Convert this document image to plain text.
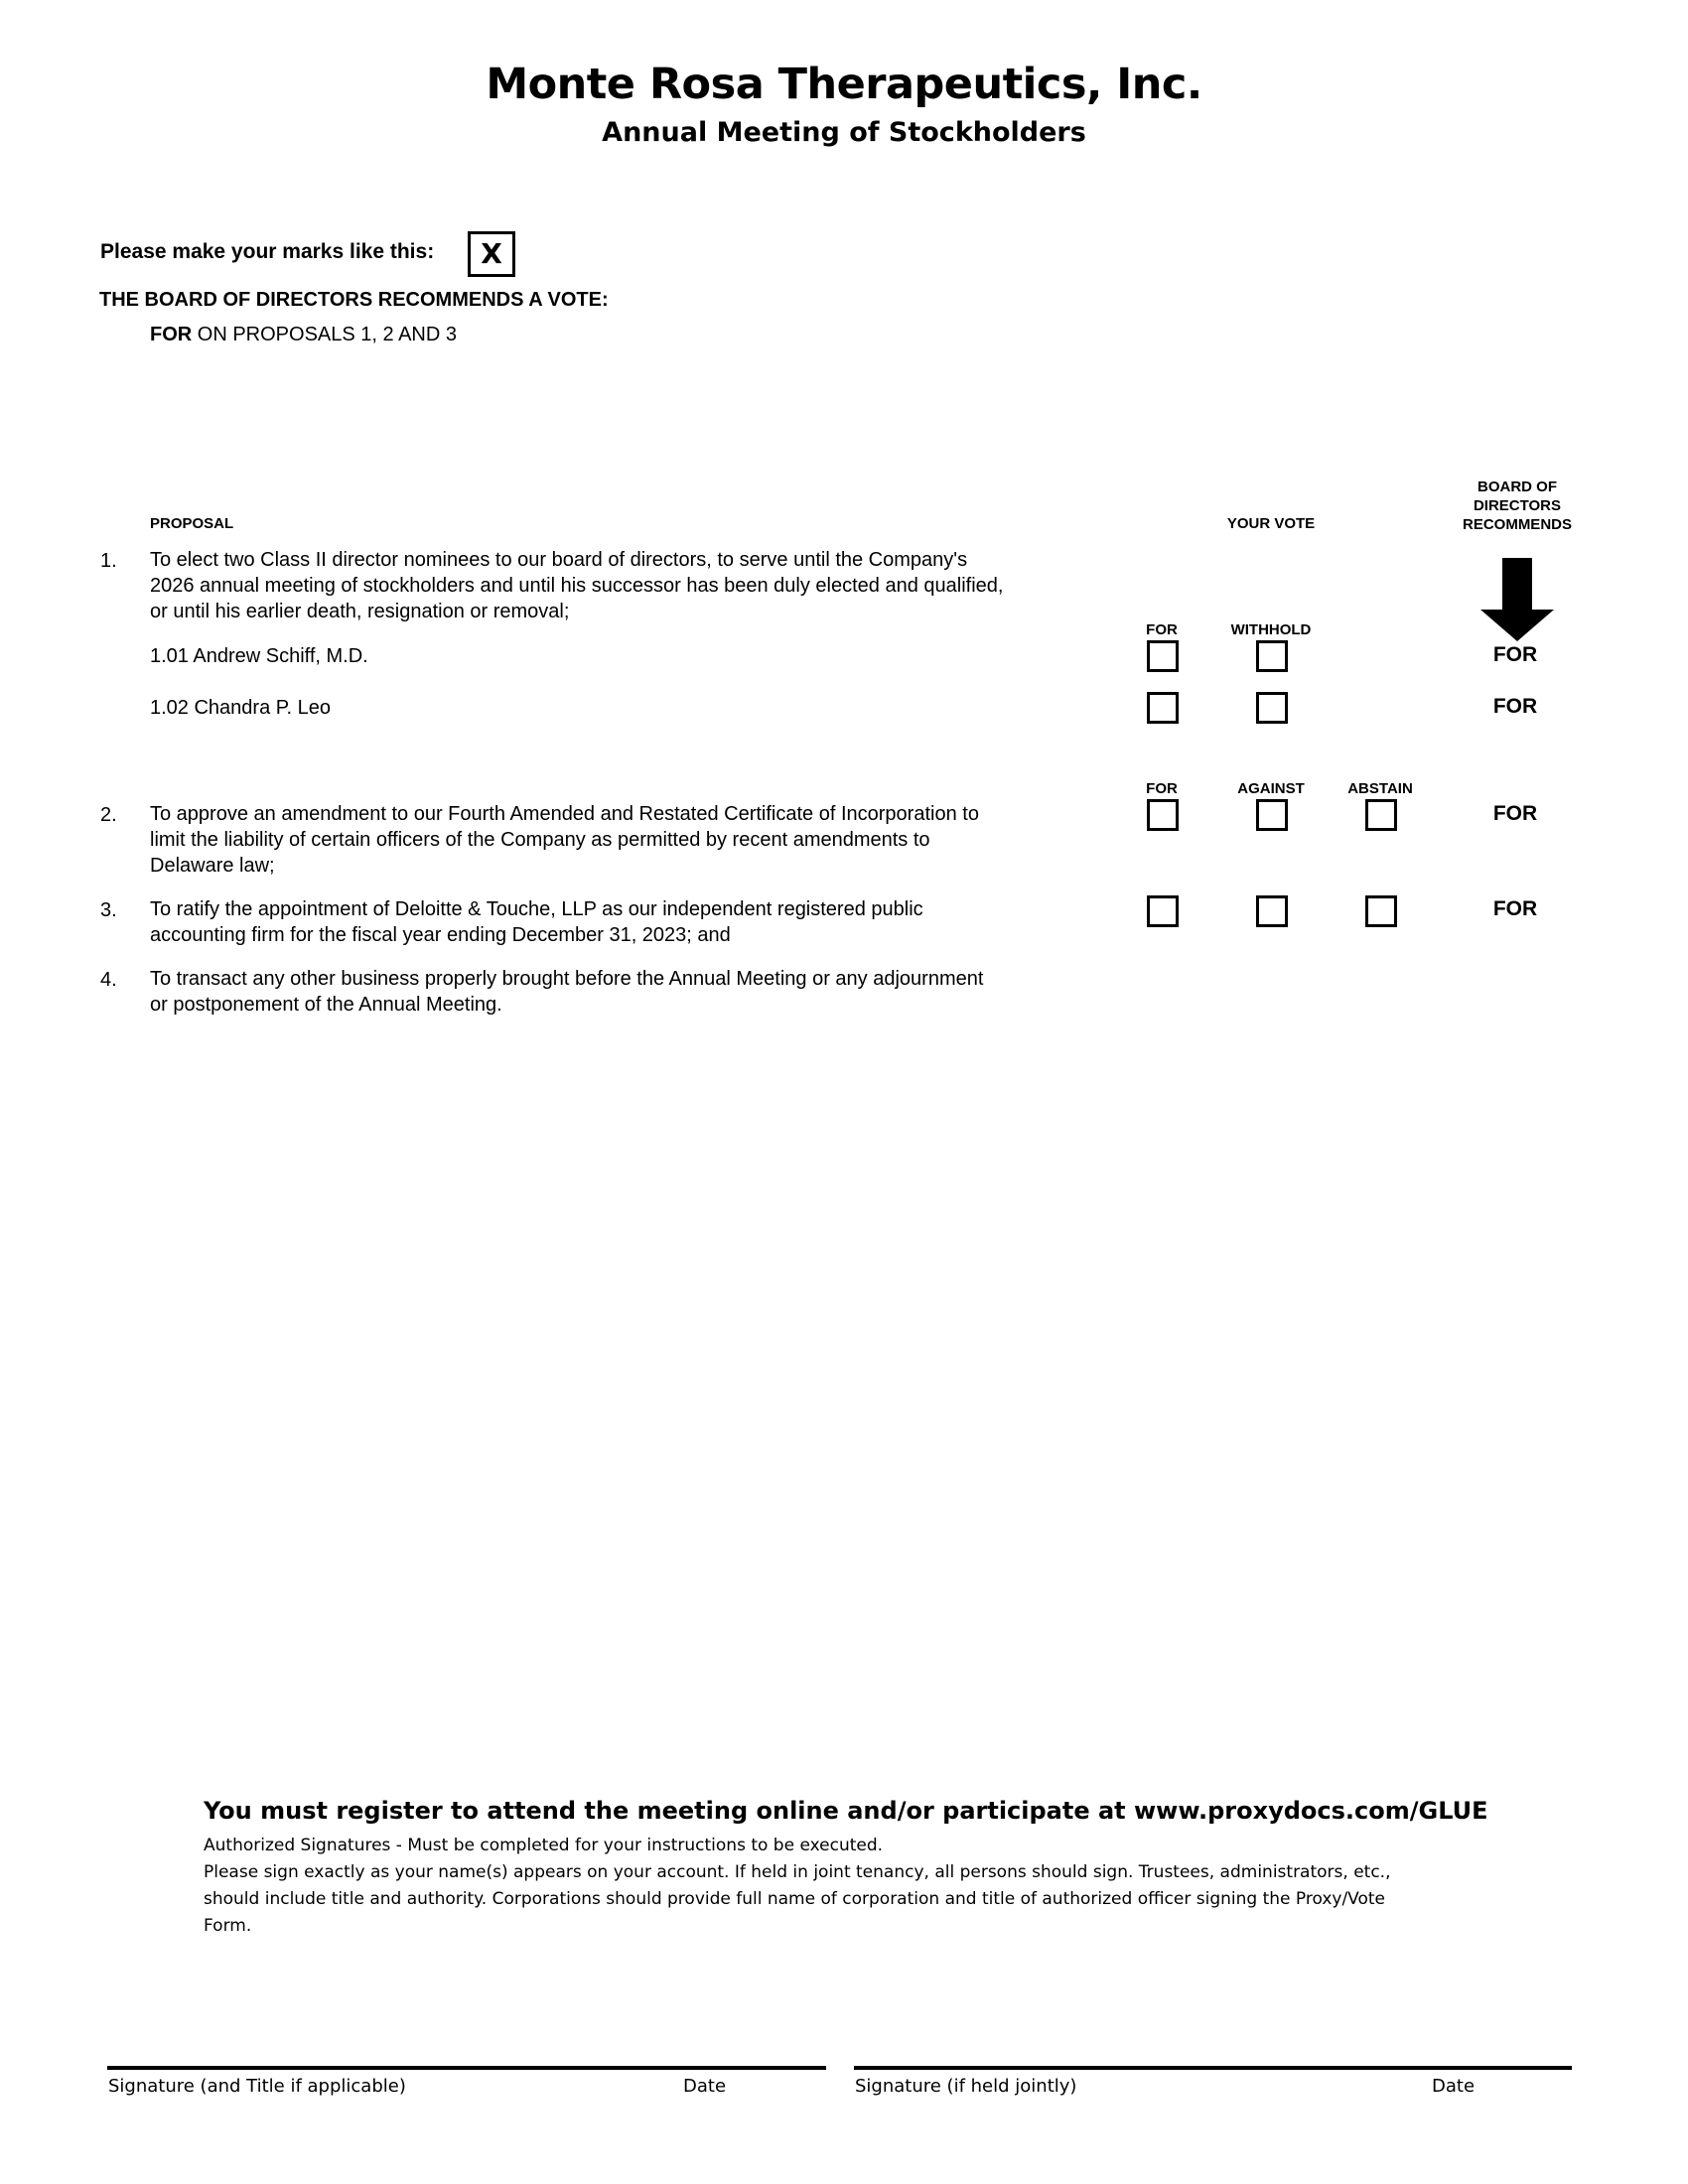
Monte Rosa Therapeutics, Inc.
Annual Meeting of Stockholders
Please make your marks like this:	X
THE BOARD OF DIRECTORS RECOMMENDS A VOTE:
FOR ON PROPOSALS 1, 2 AND 3
PROPOSAL	YOUR VOTE
BOARD OF
DIRECTORS
RECOMMENDS
1. To elect two Class II director nominees to our board of directors, to serve until the Company's
2026 annual meeting of stockholders and until his successor has been duly elected and qualified,
or until his earlier death, resignation or removal;
FOR	WITHHOLD
1.01 Andrew Schiff, M.D.	FOR
1.02 Chandra P. Leo	FOR
FOR	AGAINST	ABSTAIN
2. To approve an amendment to our Fourth Amended and Restated Certificate of Incorporation to
limit the liability of certain officers of the Company as permitted by recent amendments to
Delaware law;
FOR
3. To ratify the appointment of Deloitte & Touche, LLP as our independent registered public
accounting firm for the fiscal year ending December 31, 2023; and
FOR
4. To transact any other business properly brought before the Annual Meeting or any adjournment
or postponement of the Annual Meeting.
You must register to attend the meeting online and/or participate at www.proxydocs.com/GLUE
Authorized Signatures - Must be completed for your instructions to be executed.
Please sign exactly as your name(s) appears on your account. If held in joint tenancy, all persons should sign. Trustees, administrators, etc.,
should include title and authority. Corporations should provide full name of corporation and title of authorized officer signing the Proxy/Vote
Form.
Signature (and Title if applicable)	Date	Signature (if held jointly)	Date
